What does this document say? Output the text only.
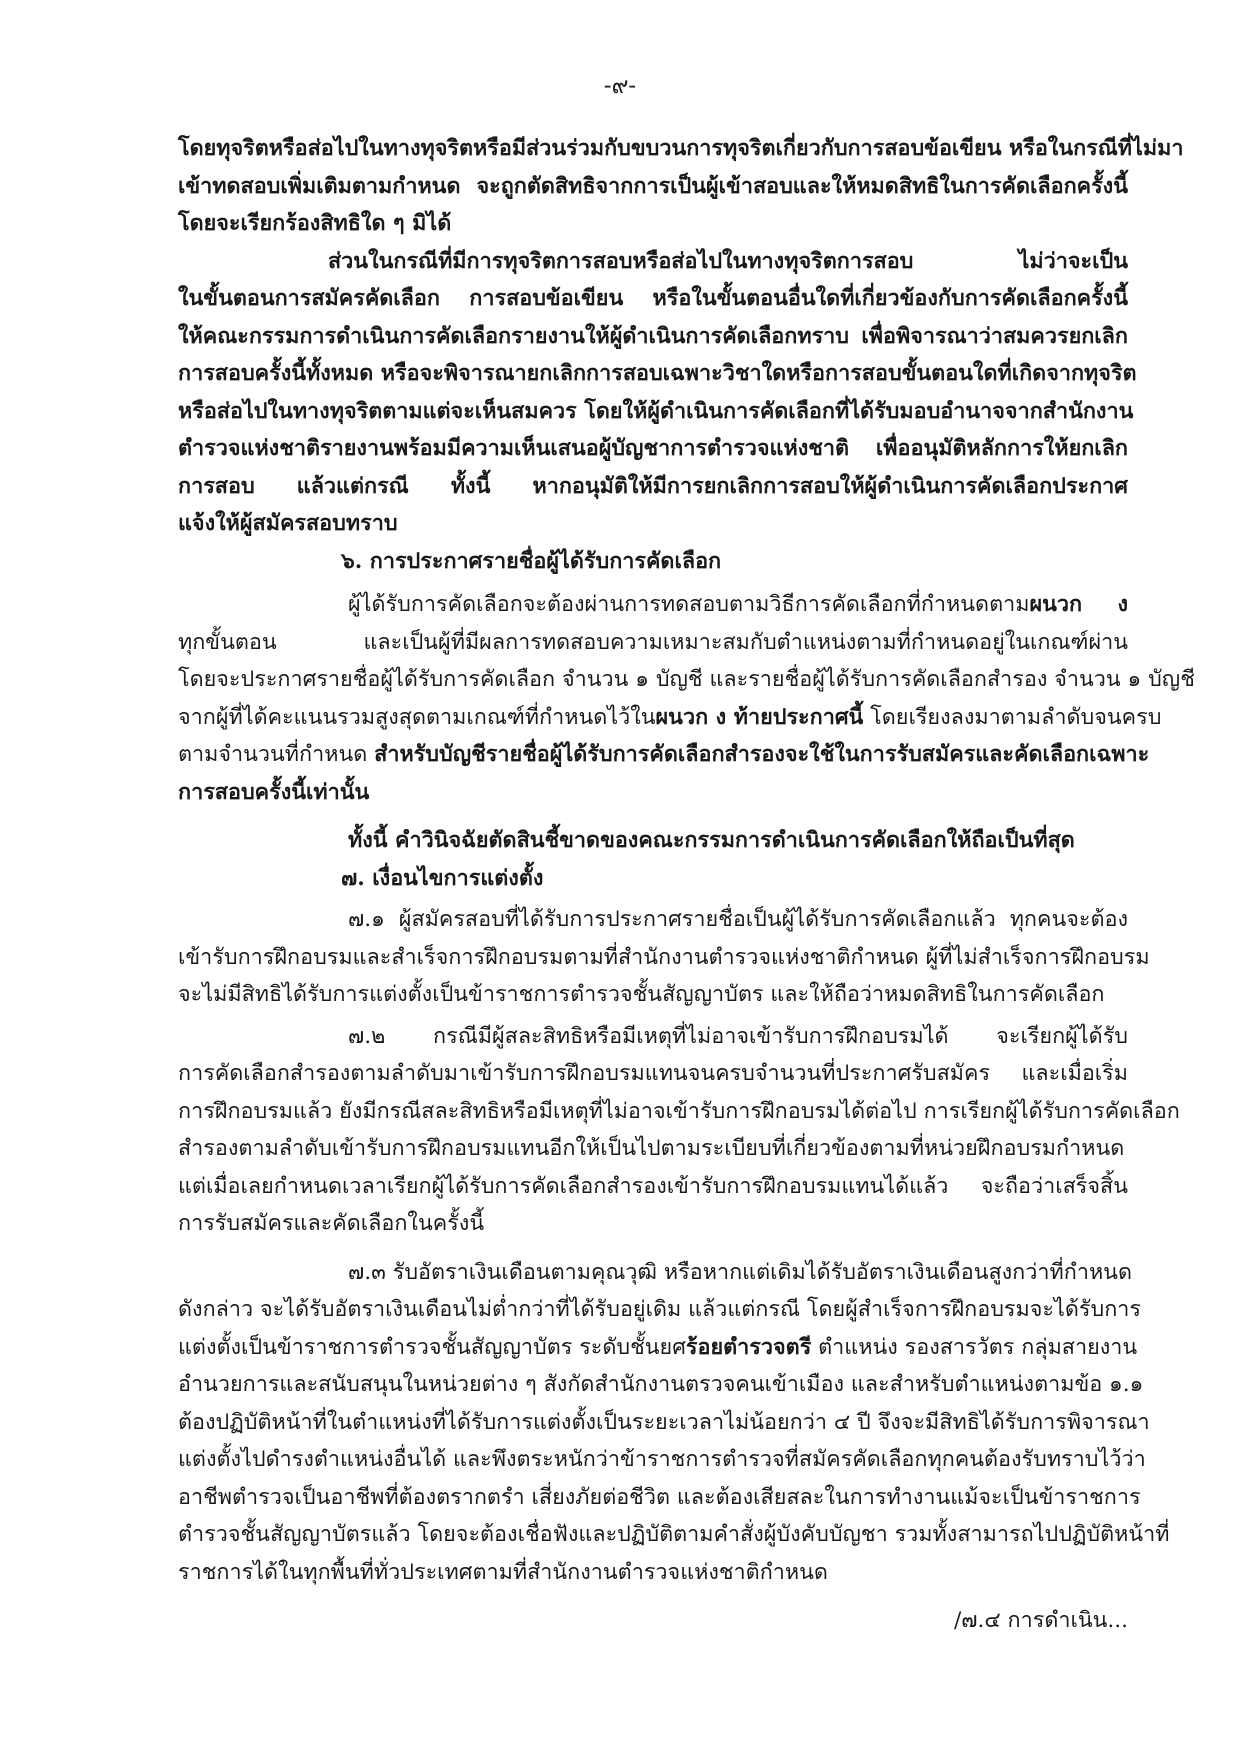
-๙-
โดยทุจริตหรือส่อไปในทางทุจริตหรือมีส่วนร่วมกับขบวนการทุจริตเกี่ยวกับการสอบข้อเขียน หรือในกรณีที่ไม่มา
เข้าทดสอบเพิ่มเติมตามกำหนด จะถูกตัดสิทธิจากการเป็นผู้เข้าสอบและให้หมดสิทธิในการคัดเลือกครั้งนี้
โดยจะเรียกร้องสิทธิใด ๆ มิได้
ส่วนในกรณีที่มีการทุจริตการสอบหรือส่อไปในทางทุจริตการสอบ ไม่ว่าจะเป็น
ในขั้นตอนการสมัครคัดเลือก การสอบข้อเขียน หรือในขั้นตอนอื่นใดที่เกี่ยวข้องกับการคัดเลือกครั้งนี้
ให้คณะกรรมการดำเนินการคัดเลือกรายงานให้ผู้ดำเนินการคัดเลือกทราบ เพื่อพิจารณาว่าสมควรยกเลิก
การสอบครั้งนี้ทั้งหมด หรือจะพิจารณายกเลิกการสอบเฉพาะวิชาใดหรือการสอบขั้นตอนใดที่เกิดจากทุจริต
หรือส่อไปในทางทุจริตตามแต่จะเห็นสมควร โดยให้ผู้ดำเนินการคัดเลือกที่ได้รับมอบอำนาจจากสำนักงาน
ตำรวจแห่งชาติรายงานพร้อมมีความเห็นเสนอผู้บัญชาการตำรวจแห่งชาติ เพื่ออนุมัติหลักการให้ยกเลิก
การสอบ แล้วแต่กรณี ทั้งนี้ หากอนุมัติให้มีการยกเลิกการสอบให้ผู้ดำเนินการคัดเลือกประกาศ
แจ้งให้ผู้สมัครสอบทราบ
๖. การประกาศรายชื่อผู้ได้รับการคัดเลือก
ผู้ได้รับการคัดเลือกจะต้องผ่านการทดสอบตามวิธีการคัดเลือกที่กำหนดตามผนวก ง
ทุกขั้นตอน และเป็นผู้ที่มีผลการทดสอบความเหมาะสมกับตำแหน่งตามที่กำหนดอยู่ในเกณฑ์ผ่าน
โดยจะประกาศรายชื่อผู้ได้รับการคัดเลือก จำนวน ๑ บัญชี และรายชื่อผู้ได้รับการคัดเลือกสำรอง จำนวน ๑ บัญชี
จากผู้ที่ได้คะแนนรวมสูงสุดตามเกณฑ์ที่กำหนดไว้ในผนวก ง ท้ายประกาศนี้ โดยเรียงลงมาตามลำดับจนครบ
ตามจำนวนที่กำหนด สำหรับบัญชีรายชื่อผู้ได้รับการคัดเลือกสำรองจะใช้ในการรับสมัครและคัดเลือกเฉพาะ
การสอบครั้งนี้เท่านั้น
ทั้งนี้ คำวินิจฉัยตัดสินชี้ขาดของคณะกรรมการดำเนินการคัดเลือกให้ถือเป็นที่สุด
๗. เงื่อนไขการแต่งตั้ง
๗.๑ ผู้สมัครสอบที่ได้รับการประกาศรายชื่อเป็นผู้ได้รับการคัดเลือกแล้ว ทุกคนจะต้อง
เข้ารับการฝึกอบรมและสำเร็จการฝึกอบรมตามที่สำนักงานตำรวจแห่งชาติกำหนด ผู้ที่ไม่สำเร็จการฝึกอบรม
จะไม่มีสิทธิได้รับการแต่งตั้งเป็นข้าราชการตำรวจชั้นสัญญาบัตร และให้ถือว่าหมดสิทธิในการคัดเลือก
๗.๒ กรณีมีผู้สละสิทธิหรือมีเหตุที่ไม่อาจเข้ารับการฝึกอบรมได้ จะเรียกผู้ได้รับ
การคัดเลือกสำรองตามลำดับมาเข้ารับการฝึกอบรมแทนจนครบจำนวนที่ประกาศรับสมัคร และเมื่อเริ่ม
การฝึกอบรมแล้ว ยังมีกรณีสละสิทธิหรือมีเหตุที่ไม่อาจเข้ารับการฝึกอบรมได้ต่อไป การเรียกผู้ได้รับการคัดเลือก
สำรองตามลำดับเข้ารับการฝึกอบรมแทนอีกให้เป็นไปตามระเบียบที่เกี่ยวข้องตามที่หน่วยฝึกอบรมกำหนด
แต่เมื่อเลยกำหนดเวลาเรียกผู้ได้รับการคัดเลือกสำรองเข้ารับการฝึกอบรมแทนได้แล้ว จะถือว่าเสร็จสิ้น
การรับสมัครและคัดเลือกในครั้งนี้
๗.๓ รับอัตราเงินเดือนตามคุณวุฒิ หรือหากแต่เดิมได้รับอัตราเงินเดือนสูงกว่าที่กำหนด
ดังกล่าว จะได้รับอัตราเงินเดือนไม่ต่ำกว่าที่ได้รับอยู่เดิม แล้วแต่กรณี โดยผู้สำเร็จการฝึกอบรมจะได้รับการ
แต่งตั้งเป็นข้าราชการตำรวจชั้นสัญญาบัตร ระดับชั้นยศร้อยตำรวจตรี ตำแหน่ง รองสารวัตร กลุ่มสายงาน
อำนวยการและสนับสนุนในหน่วยต่าง ๆ สังกัดสำนักงานตรวจคนเข้าเมือง และสำหรับตำแหน่งตามข้อ ๑.๑
ต้องปฏิบัติหน้าที่ในตำแหน่งที่ได้รับการแต่งตั้งเป็นระยะเวลาไม่น้อยกว่า ๔ ปี จึงจะมีสิทธิได้รับการพิจารณา
แต่งตั้งไปดำรงตำแหน่งอื่นได้ และพึงตระหนักว่าข้าราชการตำรวจที่สมัครคัดเลือกทุกคนต้องรับทราบไว้ว่า
อาชีพตำรวจเป็นอาชีพที่ต้องตรากตรำ เสี่ยงภัยต่อชีวิต และต้องเสียสละในการทำงานแม้จะเป็นข้าราชการ
ตำรวจชั้นสัญญาบัตรแล้ว โดยจะต้องเชื่อฟังและปฏิบัติตามคำสั่งผู้บังคับบัญชา รวมทั้งสามารถไปปฏิบัติหน้าที่
ราชการได้ในทุกพื้นที่ทั่วประเทศตามที่สำนักงานตำรวจแห่งชาติกำหนด
/๗.๔ การดำเนิน...
